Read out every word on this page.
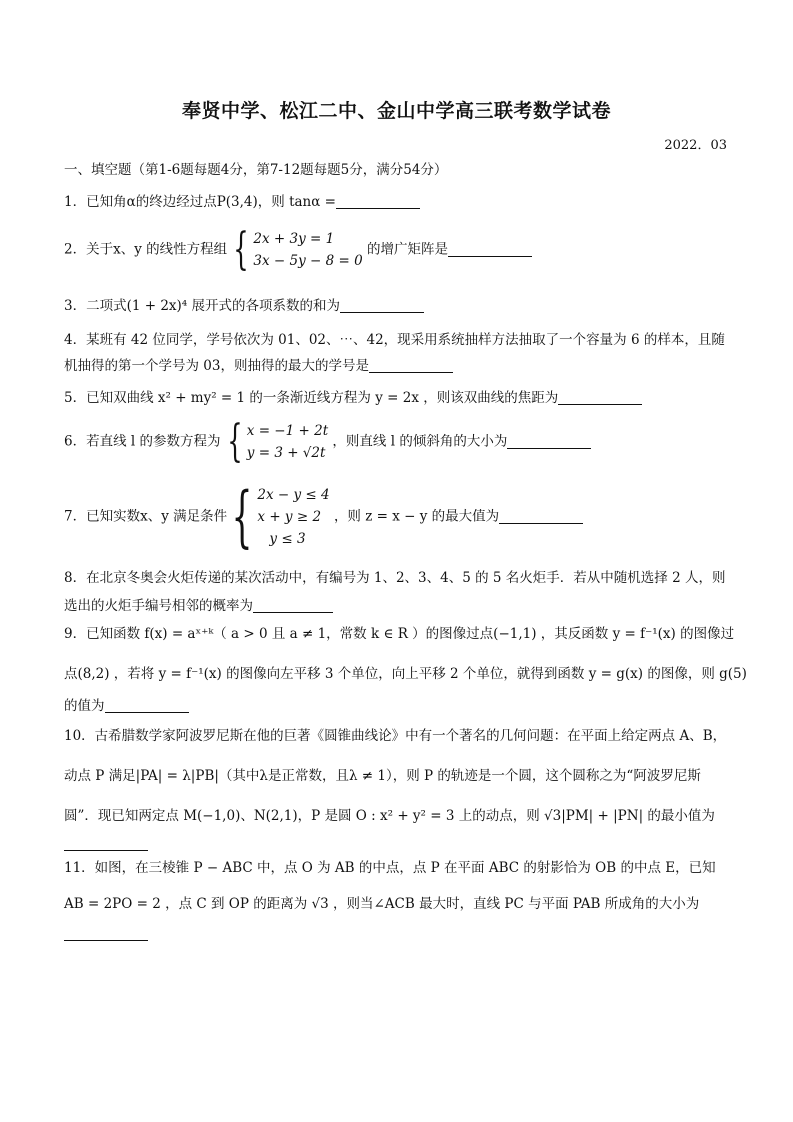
奉贤中学、松江二中、金山中学高三联考数学试卷
2022．03
一、填空题（第1-6题每题4分，第7-12题每题5分，满分54分）
1．已知角α的终边经过点P(3,4)，则 tanα =
2．关于x、y 的线性方程组 { 2x + 3y = 1
3x − 5y − 8 = 0
的增广矩阵是
3．二项式(1 + 2x)⁴ 展开式的各项系数的和为
4．某班有 42 位同学，学号依次为 01、02、⋯、42，现采用系统抽样方法抽取了一个容量为 6 的样本，且随
机抽得的第一个学号为 03，则抽得的最大的学号是
5．已知双曲线 x² + my² = 1 的一条渐近线方程为 y = 2x ，则该双曲线的焦距为
6．若直线 l 的参数方程为 { x = −1 + 2t
y = 3 + √2t
，则直线 l 的倾斜角的大小为
7．已知实数x、y 满足条件 { 2x − y ≤ 4
x + y ≥ 2
y ≤ 3
，则 z = x − y 的最大值为
8．在北京冬奥会火炬传递的某次活动中，有编号为 1、2、3、4、5 的 5 名火炬手．若从中随机选择 2 人，则
选出的火炬手编号相邻的概率为
9．已知函数 f(x) = aˣ⁺ᵏ（ a > 0 且 a ≠ 1，常数 k ∈ R ）的图像过点(−1,1) ，其反函数 y = f⁻¹(x) 的图像过
点(8,2) ，若将 y = f⁻¹(x) 的图像向左平移 3 个单位，向上平移 2 个单位，就得到函数 y = g(x) 的图像，则 g(5)
的值为
10．古希腊数学家阿波罗尼斯在他的巨著《圆锥曲线论》中有一个著名的几何问题：在平面上给定两点 A、B，
动点 P 满足|PA| = λ|PB|（其中λ是正常数，且λ ≠ 1），则 P 的轨迹是一个圆，这个圆称之为“阿波罗尼斯
圆”．现已知两定点 M(−1,0)、N(2,1)，P 是圆 O : x² + y² = 3 上的动点，则 √3|PM| + |PN| 的最小值为
11．如图，在三棱锥 P − ABC 中，点 O 为 AB 的中点，点 P 在平面 ABC 的射影恰为 OB 的中点 E，已知
AB = 2PO = 2 ，点 C 到 OP 的距离为 √3 ，则当∠ACB 最大时，直线 PC 与平面 PAB 所成角的大小为
